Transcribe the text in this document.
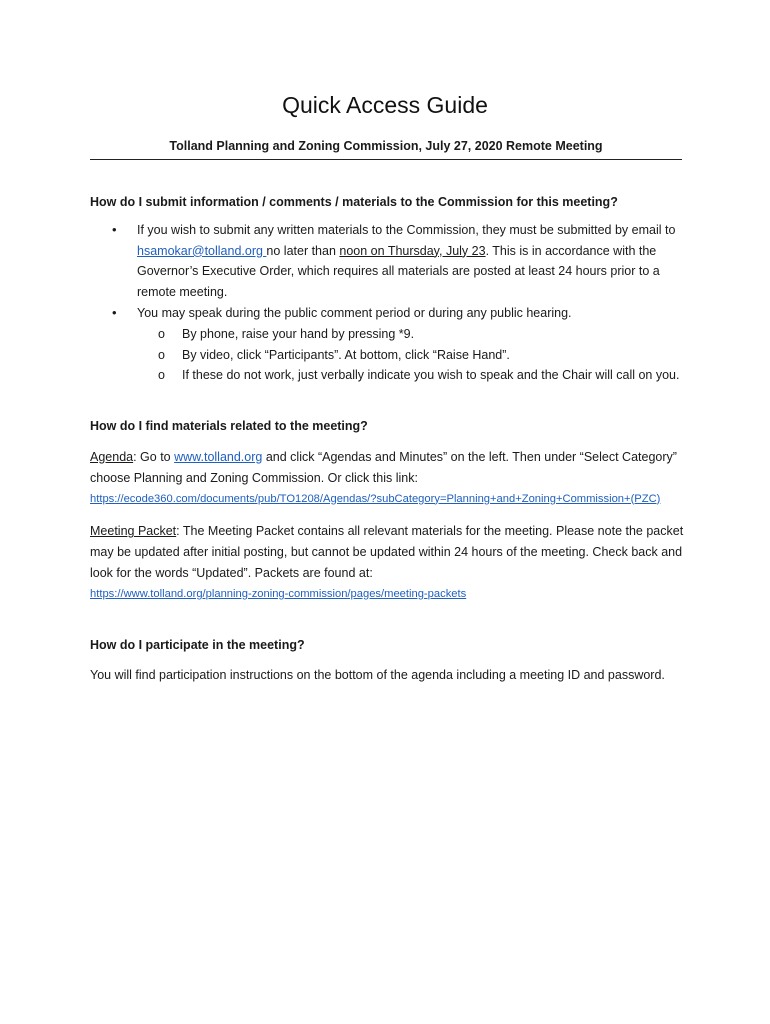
Quick Access Guide
Tolland Planning and Zoning Commission, July 27, 2020 Remote Meeting

How do I submit information / comments / materials to the Commission for this meeting?

• If you wish to submit any written materials to the Commission, they must be submitted by email to hsamokar@tolland.org no later than noon on Thursday, July 23. This is in accordance with the Governor’s Executive Order, which requires all materials are posted at least 24 hours prior to a remote meeting.
• You may speak during the public comment period or during any public hearing.
o By phone, raise your hand by pressing *9.
o By video, click “Participants”. At bottom, click “Raise Hand”.
o If these do not work, just verbally indicate you wish to speak and the Chair will call on you.

How do I find materials related to the meeting?

Agenda: Go to www.tolland.org and click “Agendas and Minutes” on the left. Then under “Select Category” choose Planning and Zoning Commission. Or click this link:

https://ecode360.com/documents/pub/TO1208/Agendas/?subCategory=Planning+and+Zoning+Commission+(PZC)

Meeting Packet: The Meeting Packet contains all relevant materials for the meeting. Please note the packet may be updated after initial posting, but cannot be updated within 24 hours of the meeting. Check back and look for the words “Updated”. Packets are found at:

https://www.tolland.org/planning-zoning-commission/pages/meeting-packets

How do I participate in the meeting?

You will find participation instructions on the bottom of the agenda including a meeting ID and password.
